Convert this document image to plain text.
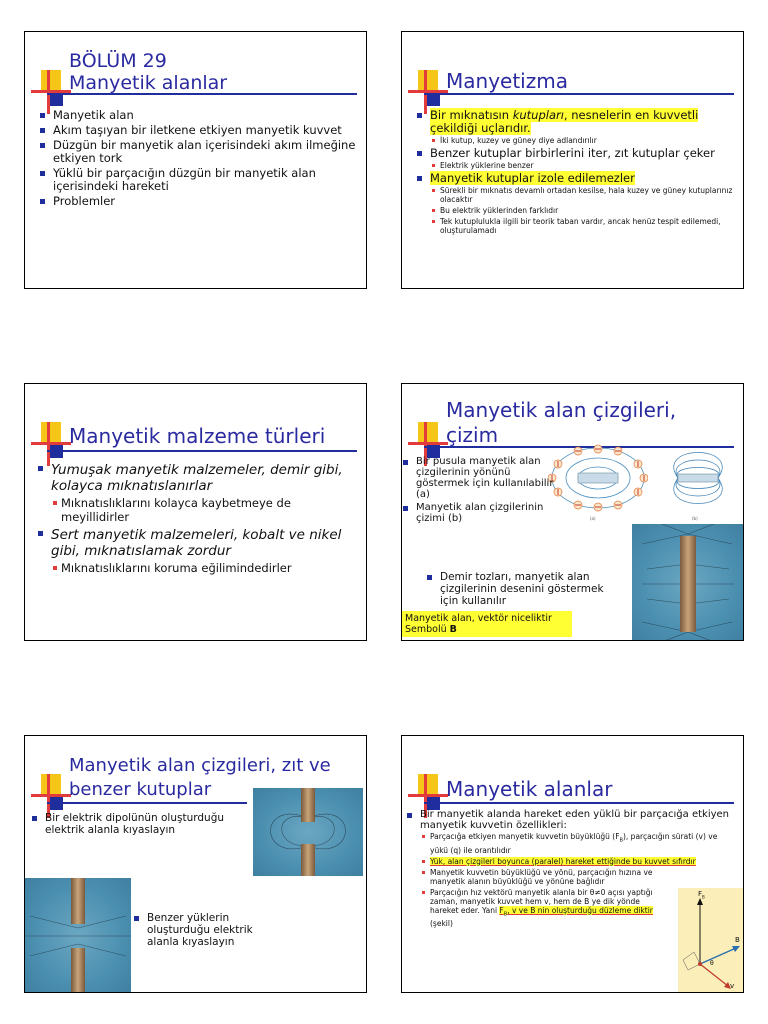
BÖLÜM 29
Manyetik alanlar
Manyetik alan
Akım taşıyan bir iletkene etkiyen manyetik kuvvet
Düzgün bir manyetik alan içerisindeki akım ilmeğine etkiyen tork
Yüklü bir parçacığın düzgün bir manyetik alan içerisindeki hareketi
Problemler
Manyetizma
Bir mıknatısın kutupları, nesnelerin en kuvvetli çekildiği uçlarıdır.
İki kutup, kuzey ve güney diye adlandırılır
Benzer kutuplar birbirlerini iter, zıt kutuplar çeker
Elektrik yüklerine benzer
Manyetik kutuplar izole edilemezler
Sürekli bir mıknatıs devamlı ortadan kesilse, hala kuzey ve güney kutuplarınız olacaktır
Bu elektrik yüklerinden farklıdır
Tek kutuplulukla ilgili bir teorik taban vardır, ancak henüz tespit edilemedi, oluşturulamadı
Manyetik malzeme türleri
Yumuşak manyetik malzemeler, demir gibi, kolayca mıknatıslanırlar
Mıknatıslıklarını kolayca kaybetmeye de meyillidirler
Sert manyetik malzemeleri, kobalt ve nikel gibi, mıknatıslamak zordur
Mıknatıslıklarını koruma eğilimindedirler
Manyetik alan çizgileri,
çizim
(a)	(b)
Bir pusula manyetik alan çizgilerinin yönünü göstermek için kullanılabilir (a)
Manyetik alan çizgilerinin çizimi (b)
Demir tozları, manyetik alan çizgilerinin desenini göstermek için kullanılır
Manyetik alan, vektör niceliktir
Sembolü B
Manyetik alan çizgileri, zıt ve
benzer kutuplar
Bir elektrik dipolünün oluşturduğu elektrik alanla kıyaslayın
Benzer yüklerin oluşturduğu elektrik alanla kıyaslayın
Manyetik alanlar
Bir manyetik alanda hareket eden yüklü bir parçacığa etkiyen manyetik kuvvetin özellikleri:
Parçacığa etkiyen manyetik kuvvetin büyüklüğü $(F_B)$, parçacığın sürati (v) ve yükü (q) ile orantılıdır
Yük, alan çizgileri boyunca (paralel) hareket ettiğinde bu kuvvet sıfırdır
Manyetik kuvvetin büyüklüğü ve yönü, parçacığın hızına ve manyetik alanın büyüklüğü ve yönüne bağlıdır
Parçacığın hız vektörü manyetik alanla bir θ≠0 açısı yaptığı zaman, manyetik kuvvet hem v, hem de B ye dik yönde hareket eder. Yani $F_B$, v ve B nin oluşturduğu düzleme diktir (şekil)
$F_B$
B
v
θ
